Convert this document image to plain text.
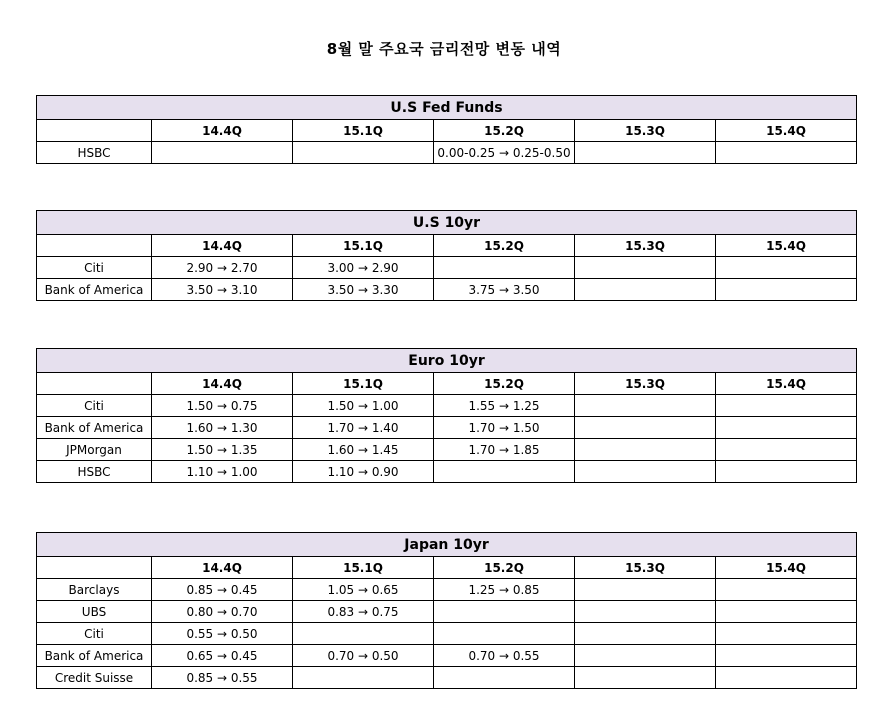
8월 말 주요국 금리전망 변동 내역
U.S Fed Funds					
	14.4Q	15.1Q	15.2Q	15.3Q	15.4Q
HSBC			0.00-0.25 → 0.25-0.50		
U.S 10yr					
	14.4Q	15.1Q	15.2Q	15.3Q	15.4Q
Citi	2.90 → 2.70	3.00 → 2.90			
Bank of America	3.50 → 3.10	3.50 → 3.30	3.75 → 3.50		
Euro 10yr					
	14.4Q	15.1Q	15.2Q	15.3Q	15.4Q
Citi	1.50 → 0.75	1.50 → 1.00	1.55 → 1.25		
Bank of America	1.60 → 1.30	1.70 → 1.40	1.70 → 1.50		
JPMorgan	1.50 → 1.35	1.60 → 1.45	1.70 → 1.85		
HSBC	1.10 → 1.00	1.10 → 0.90			
Japan 10yr					
	14.4Q	15.1Q	15.2Q	15.3Q	15.4Q
Barclays	0.85 → 0.45	1.05 → 0.65	1.25 → 0.85		
UBS	0.80 → 0.70	0.83 → 0.75			
Citi	0.55 → 0.50				
Bank of America	0.65 → 0.45	0.70 → 0.50	0.70 → 0.55		
Credit Suisse	0.85 → 0.55				
